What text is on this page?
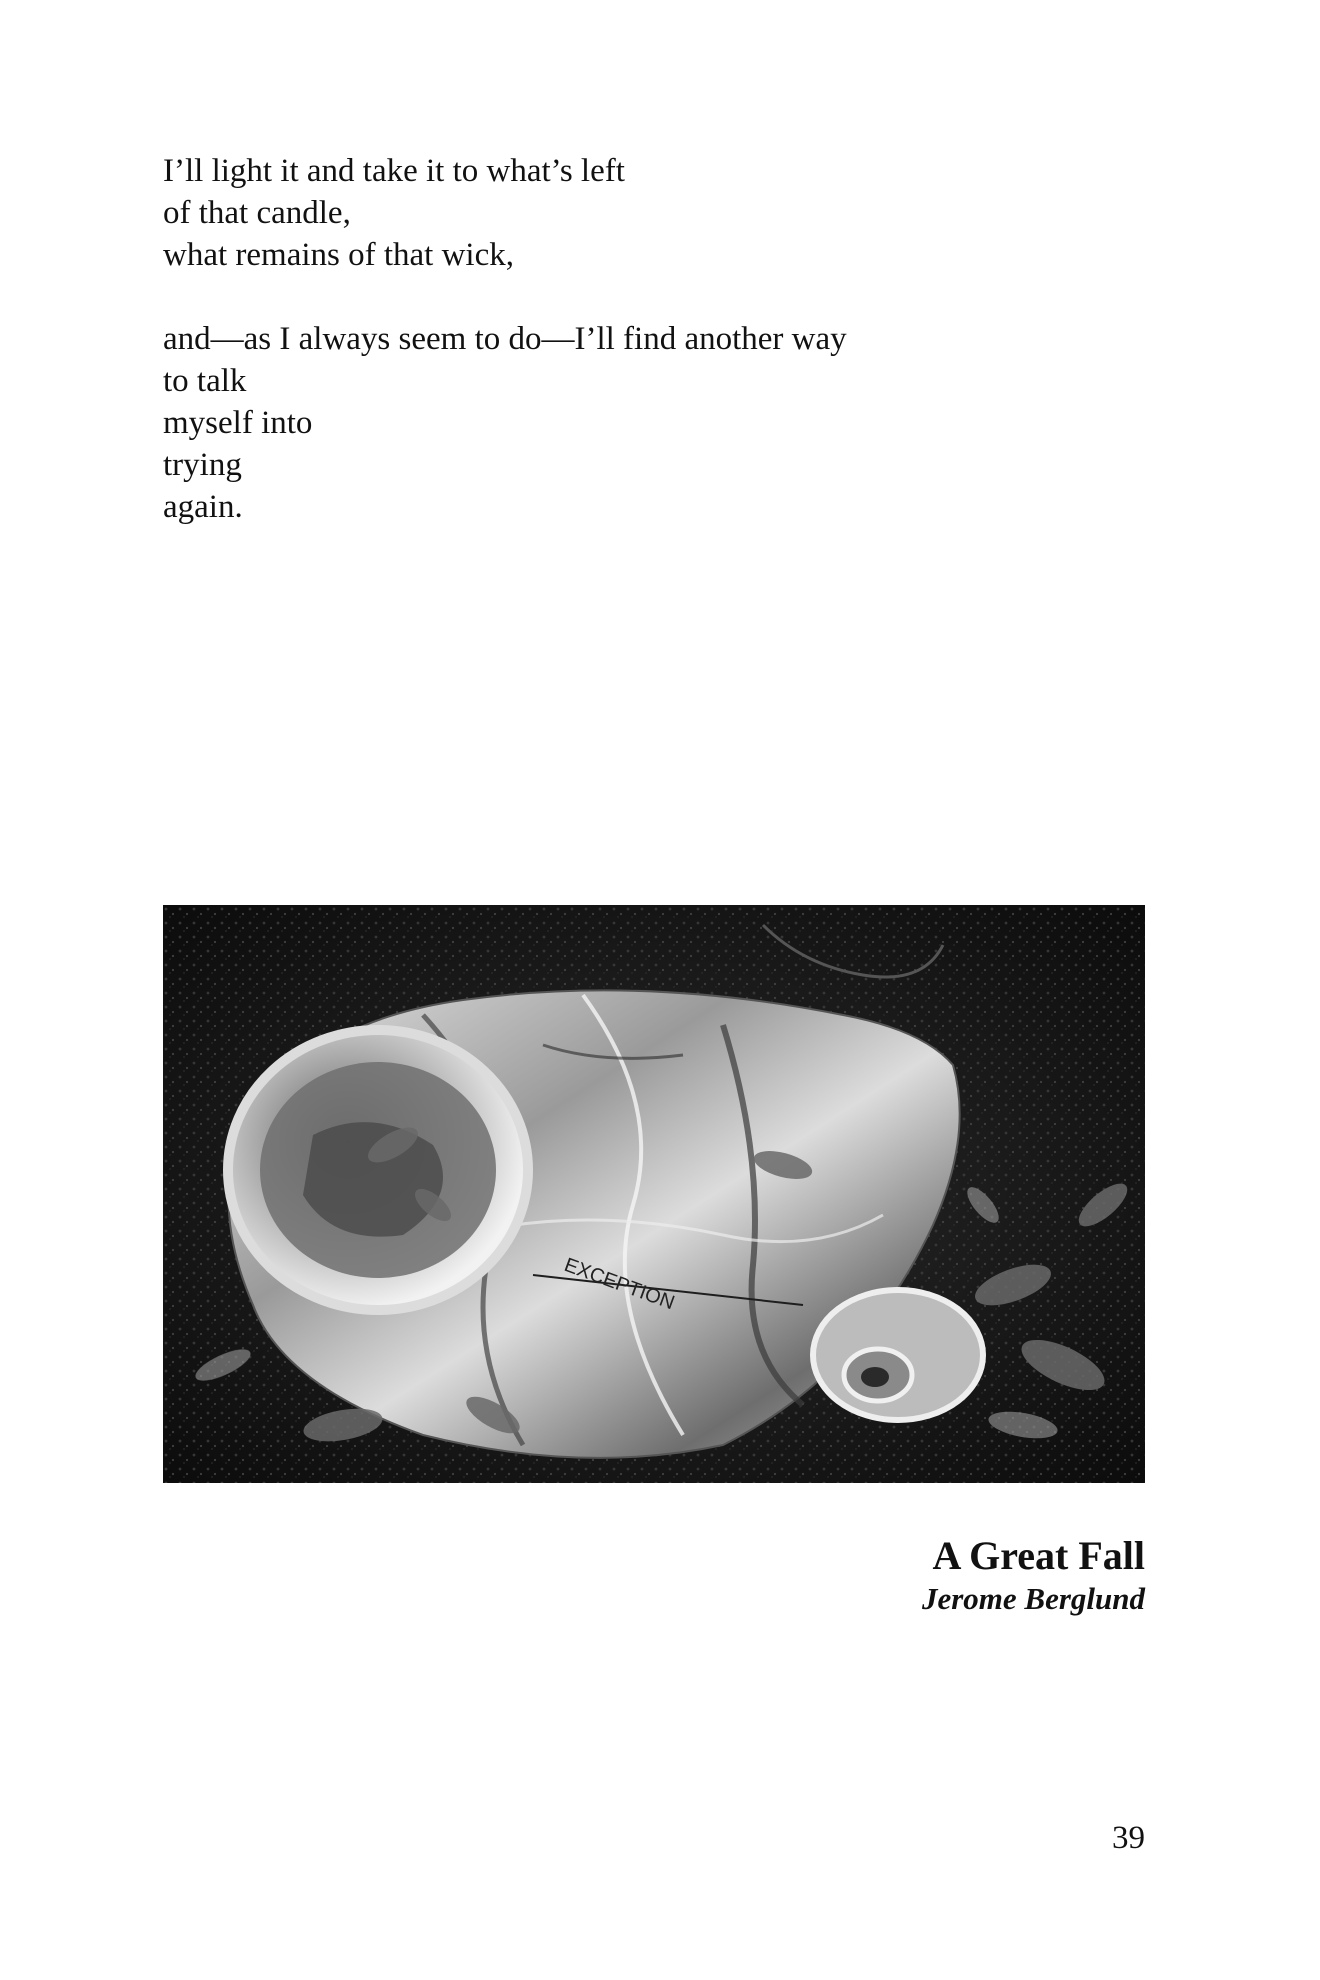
I’ll light it and take it to what’s left
of that candle,
what remains of that wick,
and—as I always seem to do—I’ll find another way
to talk
myself into
trying
again.
EXCEPTION
A Great Fall
Jerome Berglund
39
